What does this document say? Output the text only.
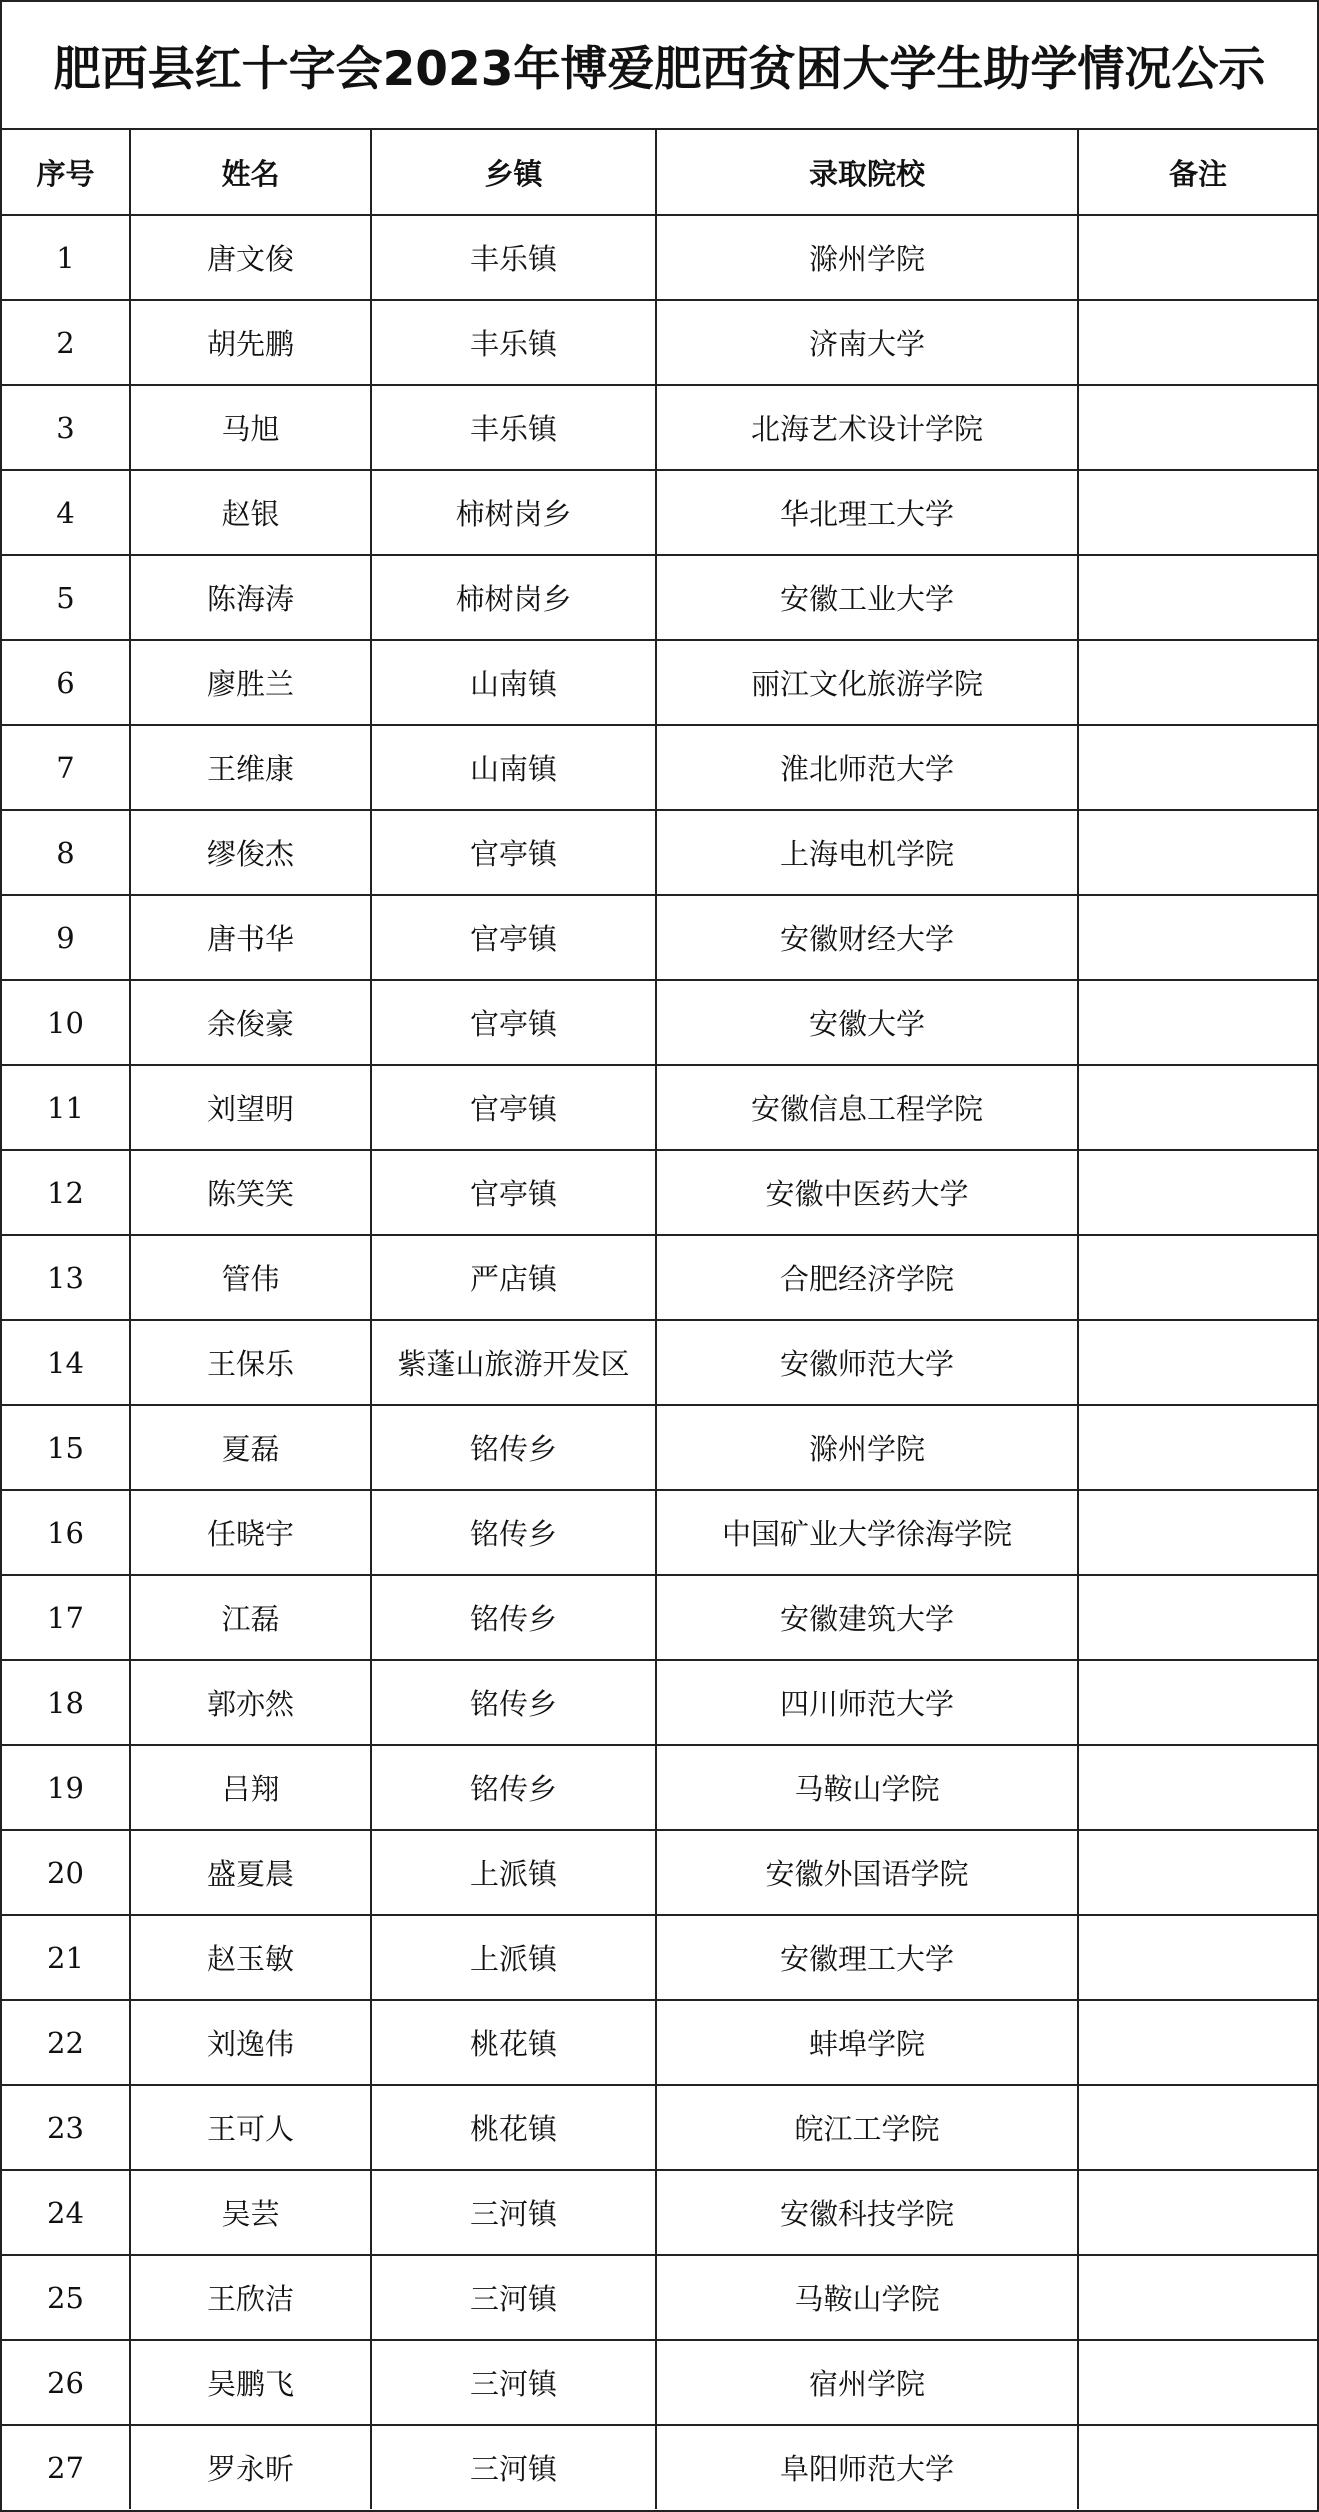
肥西县红十字会2023年博爱肥西贫困大学生助学情况公示
序号	姓名	乡镇	录取院校	备注
1	唐文俊	丰乐镇	滁州学院	
2	胡先鹏	丰乐镇	济南大学	
3	马旭	丰乐镇	北海艺术设计学院	
4	赵银	柿树岗乡	华北理工大学	
5	陈海涛	柿树岗乡	安徽工业大学	
6	廖胜兰	山南镇	丽江文化旅游学院	
7	王维康	山南镇	淮北师范大学	
8	缪俊杰	官亭镇	上海电机学院	
9	唐书华	官亭镇	安徽财经大学	
10	余俊豪	官亭镇	安徽大学	
11	刘望明	官亭镇	安徽信息工程学院	
12	陈笑笑	官亭镇	安徽中医药大学	
13	管伟	严店镇	合肥经济学院	
14	王保乐	紫蓬山旅游开发区	安徽师范大学	
15	夏磊	铭传乡	滁州学院	
16	任晓宇	铭传乡	中国矿业大学徐海学院	
17	江磊	铭传乡	安徽建筑大学	
18	郭亦然	铭传乡	四川师范大学	
19	吕翔	铭传乡	马鞍山学院	
20	盛夏晨	上派镇	安徽外国语学院	
21	赵玉敏	上派镇	安徽理工大学	
22	刘逸伟	桃花镇	蚌埠学院	
23	王可人	桃花镇	皖江工学院	
24	吴芸	三河镇	安徽科技学院	
25	王欣洁	三河镇	马鞍山学院	
26	吴鹏飞	三河镇	宿州学院	
27	罗永昕	三河镇	阜阳师范大学	
